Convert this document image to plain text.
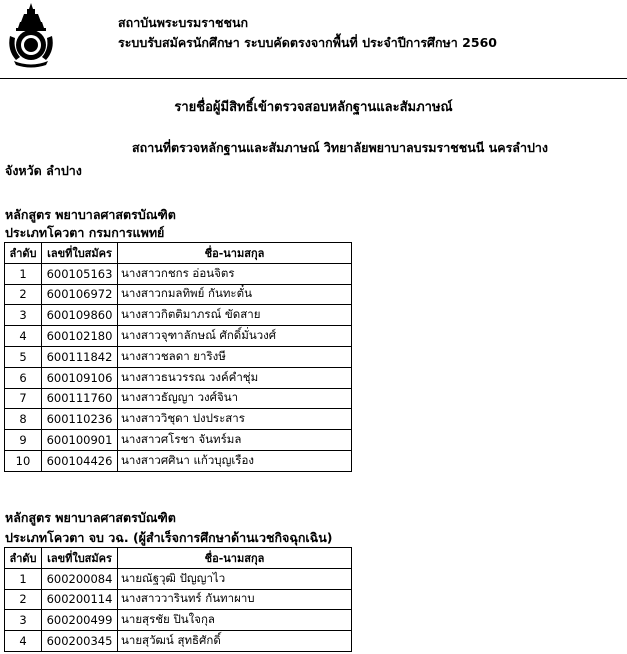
สถาบันพระบรมราชชนก
ระบบรับสมัครนักศึกษา ระบบคัดตรงจากพื้นที่ ประจำปีการศึกษา 2560
รายชื่อผู้มีสิทธิ์เข้าตรวจสอบหลักฐานและสัมภาษณ์
สถานที่ตรวจหลักฐานและสัมภาษณ์ วิทยาลัยพยาบาลบรมราชชนนี นครลำปาง
จังหวัด ลำปาง
หลักสูตร พยาบาลศาสตรบัณฑิต
ประเภทโควตา กรมการแพทย์
ลำดับ	เลขที่ใบสมัคร	ชื่อ-นามสกุล
1	600105163	นางสาวกชกร อ่อนจิตร
2	600106972	นางสาวกมลทิพย์ กันทะตั๋น
3	600109860	นางสาวกิตติมาภรณ์ ขัดสาย
4	600102180	นางสาวจุฑาลักษณ์ ศักดิ์มั่นวงศ์
5	600111842	นางสาวชลดา ยาริงษี
6	600109106	นางสาวธนวรรณ วงค์คำชุ่ม
7	600111760	นางสาวธัญญา วงศ์จินา
8	600110236	นางสาววิชุดา ปงประสาร
9	600100901	นางสาวศโรชา จันทร์มล
10	600104426	นางสาวศศินา แก้วบุญเรือง
หลักสูตร พยาบาลศาสตรบัณฑิต
ประเภทโควตา จบ วฉ. (ผู้สำเร็จการศึกษาด้านเวชกิจฉุกเฉิน)
ลำดับ	เลขที่ใบสมัคร	ชื่อ-นามสกุล
1	600200084	นายณัฐวุฒิ ปัญญาไว
2	600200114	นางสาววารินทร์ กันทาผาบ
3	600200499	นายสุรชัย ปินใจกุล
4	600200345	นายสุวัฒน์ สุทธิศักดิ์
